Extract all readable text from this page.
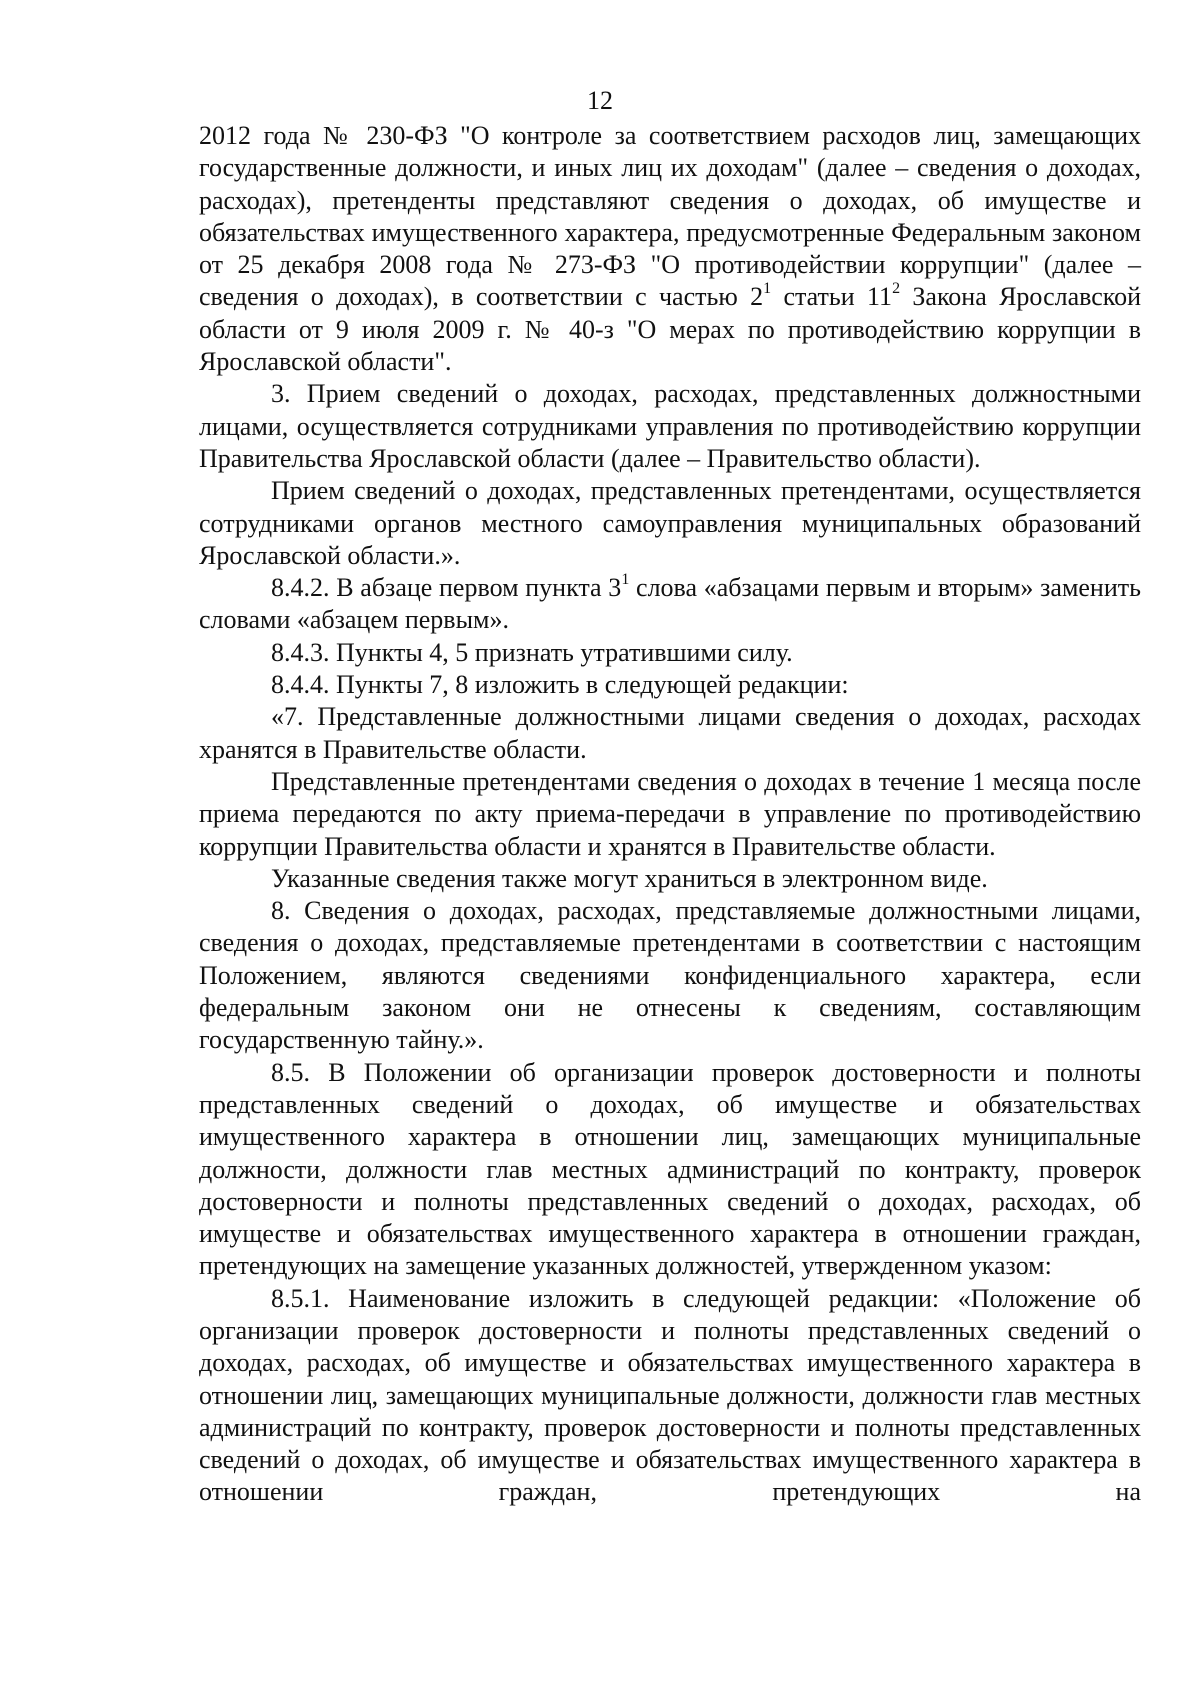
12

2012 года № 230-ФЗ "О контроле за соответствием расходов лиц, замещающих государственные должности, и иных лиц их доходам" (далее – сведения о доходах, расходах), претенденты представляют сведения о доходах, об имуществе и обязательствах имущественного характера, предусмотренные Федеральным законом от 25 декабря 2008 года № 273-ФЗ "О противодействии коррупции" (далее – сведения о доходах), в соответствии с частью $2^1$ статьи $11^2$ Закона Ярославской области от 9 июля 2009 г. № 40-з "О мерах по противодействию коррупции в Ярославской области".

3. Прием сведений о доходах, расходах, представленных должностными лицами, осуществляется сотрудниками управления по противодействию коррупции Правительства Ярославской области (далее – Правительство области).

Прием сведений о доходах, представленных претендентами, осуществляется сотрудниками органов местного самоуправления муниципальных образований Ярославской области.».

8.4.2. В абзаце первом пункта $3^1$ слова «абзацами первым и вторым» заменить словами «абзацем первым».

8.4.3. Пункты 4, 5 признать утратившими силу.

8.4.4. Пункты 7, 8 изложить в следующей редакции:

«7. Представленные должностными лицами сведения о доходах, расходах хранятся в Правительстве области.

Представленные претендентами сведения о доходах в течение 1 месяца после приема передаются по акту приема-передачи в управление по противодействию коррупции Правительства области и хранятся в Правительстве области.

Указанные сведения также могут храниться в электронном виде.

8. Сведения о доходах, расходах, представляемые должностными лицами, сведения о доходах, представляемые претендентами в соответствии с настоящим Положением, являются сведениями конфиденциального характера, если федеральным законом они не отнесены к сведениям, составляющим государственную тайну.».

8.5. В Положении об организации проверок достоверности и полноты представленных сведений о доходах, об имуществе и обязательствах имущественного характера в отношении лиц, замещающих муниципальные должности, должности глав местных администраций по контракту, проверок достоверности и полноты представленных сведений о доходах, расходах, об имуществе и обязательствах имущественного характера в отношении граждан, претендующих на замещение указанных должностей, утвержденном указом:

8.5.1. Наименование изложить в следующей редакции: «Положение об организации проверок достоверности и полноты представленных сведений о доходах, расходах, об имуществе и обязательствах имущественного характера в отношении лиц, замещающих муниципальные должности, должности глав местных администраций по контракту, проверок достоверности и полноты представленных сведений о доходах, об имуществе и обязательствах имущественного характера в отношении граждан, претендующих на
